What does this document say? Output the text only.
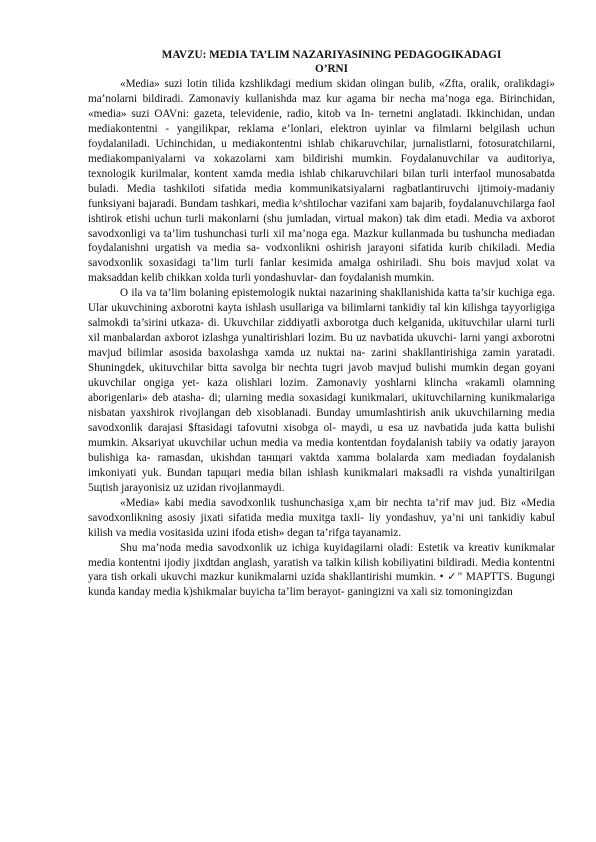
MAVZU: MEDIA TA’LIM NAZARIYASINING PEDAGOGIKADAGI
O’RNI

«Media» suzi lotin tilida kzshlikdagi medium skidan olingan bulib, «Zfta, oralik, oralikdagi» ma’nolarni bildiradi. Zamonaviy kullanishda maz kur agama bir necha ma’noga ega. Birinchidan, «media» suzi OAVni: gazeta, televidenie, radio, kitob va In- ternetni anglatadi. Ikkinchidan, undan mediakontentni - yangilikpar, reklama e’lonlari, elektron uyinlar va filmlarni belgilash uchun foydalaniladi. Uchinchidan, u mediakontentni ishlab chikaruvchilar, jurnalistlarni, fotosuratchilarni, mediakompaniyalarni va xokazolarni xam bildirishi mumkin. Foydalanuvchilar va auditoriya, texnologik kurilmalar, kontent xamda media ishlab chikaruvchilari bilan turli interfaol munosabatda buladi. Media tashkiloti sifatida media kommunikatsiyalarni ragbatlantiruvchi ijtimoiy-madaniy funksiyani bajaradi. Bundam tashkari, media k^shtilochar vazifani xam bajarib, foydalanuvchilarga faol ishtirok etishi uchun turli makonlarni (shu jumladan, virtual makon) tak dim etadi. Media va axborot savodxonligi va ta’lim tushunchasi turli xil ma’noga ega. Mazkur kullanmada bu tushuncha mediadan foydalanishni urgatish va media sa- vodxonlikni oshirish jarayoni sifatida kurib chikiladi. Media savodxonlik soxasidagi ta’lim turli fanlar kesimida amalga oshiriladi. Shu bois mavjud xolat va maksaddan kelib chikkan xolda turli yondashuvlar- dan foydalanish mumkin.

O ila va ta’lim bolaning epistemologik nuktai nazarining shakllanishida katta ta’sir kuchiga ega. Ular ukuvchining axborotni kayta ishlash usullariga va bilimlarni tankidiy tal kin kilishga tayyorligiga salmokdi ta’sirini utkaza- di. Ukuvchilar ziddiyatli axborotga duch kelganida, ukituvchilar ularni turli xil manbalardan axborot izlashga yunaltirishlari lozim. Bu uz navbatida ukuvchi- larni yangi axborotni mavjud bilimlar asosida baxolashga xamda uz nuktai na- zarini shakllantirishiga zamin yaratadi. Shuningdek, ukituvchilar bitta savolga bir nechta tugri javob mavjud bulishi mumkin degan goyani ukuvchilar ongiga yet- kaza olishlari lozim. Zamonaviy yoshlarni klincha «rakamli olamning aborigenlari» deb atasha- di; ularning media soxasidagi kunikmalari, ukituvchilarning kunikmalariga nisbatan yaxshirok rivojlangan deb xisoblanadi. Bunday umumlashtirish anik ukuvchilarning media savodxonlik darajasi $ftasidagi tafovutni xisobga ol- maydi, u esa uz navbatida juda katta bulishi mumkin. Aksariyat ukuvchilar uchun media va media kontentdan foydalanish tabiiy va odatiy jarayon bulishiga ka- ramasdan, ukishdan taнщari vaktda xamma bolalarda xam mediadan foydalanish imkoniyati yuk. Bundan taрщari media bilan ishlash kunikmalari maksadli ra vishda yunaltirilgan 5щtish jarayonisiz uz uzidan rivojlanmaydi.

«Media» kabi media savodxonlik tushunchasiga x,am bir nechta ta’rif mav jud. Biz «Media savodxonlikning asosiy jixati sifatida media muxitga taxli- liy yondashuv, ya’ni uni tankidiy kabul kilish va media vositasida uzini ifoda etish» degan ta’rifga tayanamiz.

Shu ma’noda media savodxonlik uz ichiga kuyidagilarni oladi: Estetik va kreativ kunikmalar media kontentni ijodiy jixdtdan anglash, yaratish va talkin kilish kobiliyatini bildiradi. Media kontentni yara tish orkali ukuvchi mazkur kunikmalarni uzida shakllantirishi mumkin. • ✓" MAPTTS. Bugungi kunda kanday media k)shikmalar buyicha ta’lim berayot- ganingizni va xali siz tomoningizdan
